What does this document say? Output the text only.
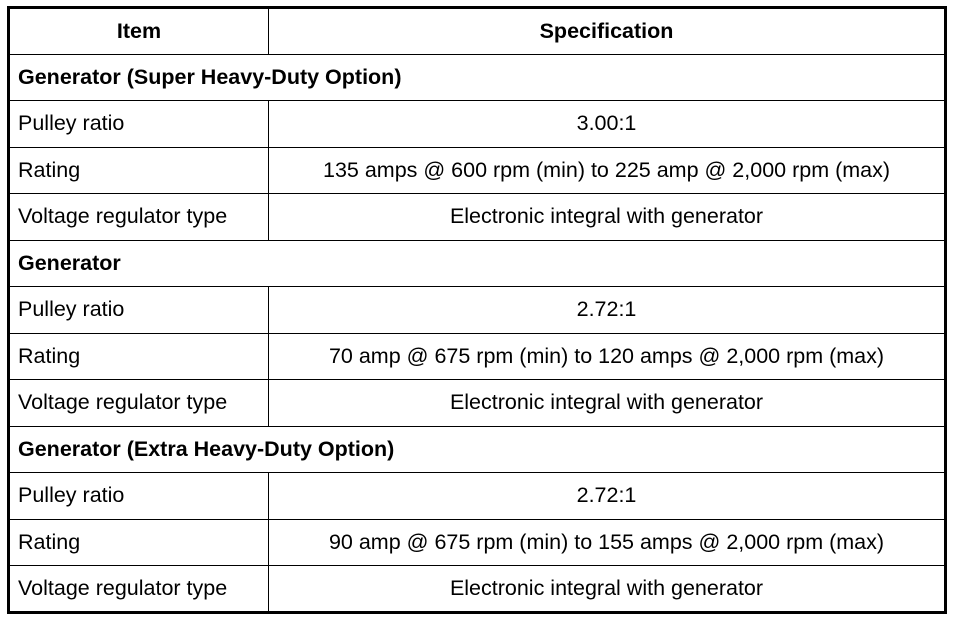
Item	Specification
Generator (Super Heavy-Duty Option)	
Pulley ratio	3.00:1
Rating	135 amps @ 600 rpm (min) to 225 amp @ 2,000 rpm (max)
Voltage regulator type	Electronic integral with generator
Generator	
Pulley ratio	2.72:1
Rating	70 amp @ 675 rpm (min) to 120 amps @ 2,000 rpm (max)
Voltage regulator type	Electronic integral with generator
Generator (Extra Heavy-Duty Option)	
Pulley ratio	2.72:1
Rating	90 amp @ 675 rpm (min) to 155 amps @ 2,000 rpm (max)
Voltage regulator type	Electronic integral with generator
